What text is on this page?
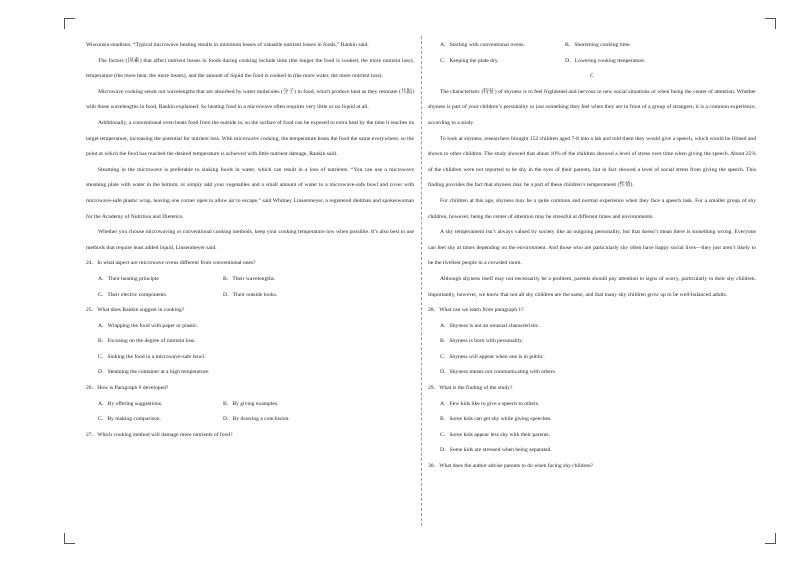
Wisconsin-madison. “Typical microwave heating results in minimum losses of valuable nutrient losses in foods,” Rankin said.

The factors (因素) that affect nutrient losses in foods during cooking include time (the longer the food is cooked, the more nutrient loss), temperature (the more heat, the more losses), and the amount of liquid the food is cooked in (the more water, the more nutrient loss).

Microwave cooking sends out wavelengths that are absorbed by water molecules (分子) in food, which produce heat as they resonate (共振) with those wavelengths in food, Rankin explained. So heating food in a microwave often requires very little or no liquid at all.

Additionally, a conventional oven heats food from the outside in, so the surface of food can be exposed to extra heat by the time it reaches its target temperature, increasing the potential for nutrient loss. With microwave cooking, the temperature heats the food the same everywhere, so the point at which the food has reached the desired temperature is achieved with little nutrient damage, Rankin said.

Steaming in the microwave is preferable to sinking foods in water, which can result in a loss of nutrients. “You can use a microwave steaming plate with water in the bottom, or simply add your vegetables and a small amount of water to a microwave-safe bowl and cover with microwave-safe plastic wrap, leaving one corner open to allow air to escape,” said Whitney Linsenmeyer, a registered dietitian and spokeswoman for the Academy of Nutrition and Dietetics.

Whether you choose microwaving or conventional cooking methods, keep your cooking temperature low when possible. It’s also best to use methods that require least added liquid, Linsenmeyer said.

24．In what aspect are microwave ovens different from conventional ones?
A．Their heating principle	B．Their wavelengths.
C．Their electric components.	D．Their outside looks.
25．What does Rankin suggest in cooking?
A．Wrapping the food with paper or plastic.
B．Focusing on the degree of nutrient loss.
C．Sinking the food in a microwave-safe bowl.
D．Steaming the container at a high temperature.
26．How is Paragraph 6 developed?
A．By offering suggestions.	B．By giving examples.
C．By making comparison.	D．By drawing a conclusion.
27．Which cooking method will damage more nutrients of food?
A．Starting with conventional ovens.	B．Shortening cooking time.
C．Keeping the plate dry.	D．Lowering cooking temperature.
C

The characteristic (特征) of shyness is to feel frightened and nervous in new social situations or when being the center of attention. Whether shyness is part of your children’s personality or just something they feel when they are in front of a group of strangers, it is a common experience, according to a study.

To look at shyness, researchers brought 152 children aged 7-8 into a lab and told them they would give a speech, which would be filmed and shown to other children. The study showed that about 10% of the children showed a level of stress over time when giving the speech. About 25% of the children were not reported to be shy in the eyes of their parents, but in fact showed a level of social stress from giving the speech. This finding provides the fact that shyness may be a part of these children’s temperament (性情).

For children at this age, shyness may be a quite common and normal experience when they face a speech task. For a smaller group of shy children, however, being the center of attention may be stressful at different times and environments.

A shy temperament isn’t always valued by society like an outgoing personality, but that doesn’t mean there is something wrong. Everyone can feel shy at times depending on the environment. And those who are particularly shy often have happy social lives—they just aren’t likely to be the liveliest people in a crowded room.

Although shyness itself may not necessarily be a problem, parents should pay attention to signs of worry, particularly in their shy children. Importantly, however, we know that not all shy children are the same, and that many shy children grow up to be well-balanced adults.

28．What can we learn from paragraph 1?
A．Shyness is not an unusual characteristic.
B．Shyness is born with personality.
C．Shyness will appear when one is in public.
D．Shyness means not communicating with others.
29．What is the finding of the study?
A．Few kids like to give a speech to others.
B．Some kids can get shy while giving speeches.
C．Some kids appear less shy with their parents.
D．Some kids are stressed when being separated.
30．What does the author advise parents to do when facing shy children?
